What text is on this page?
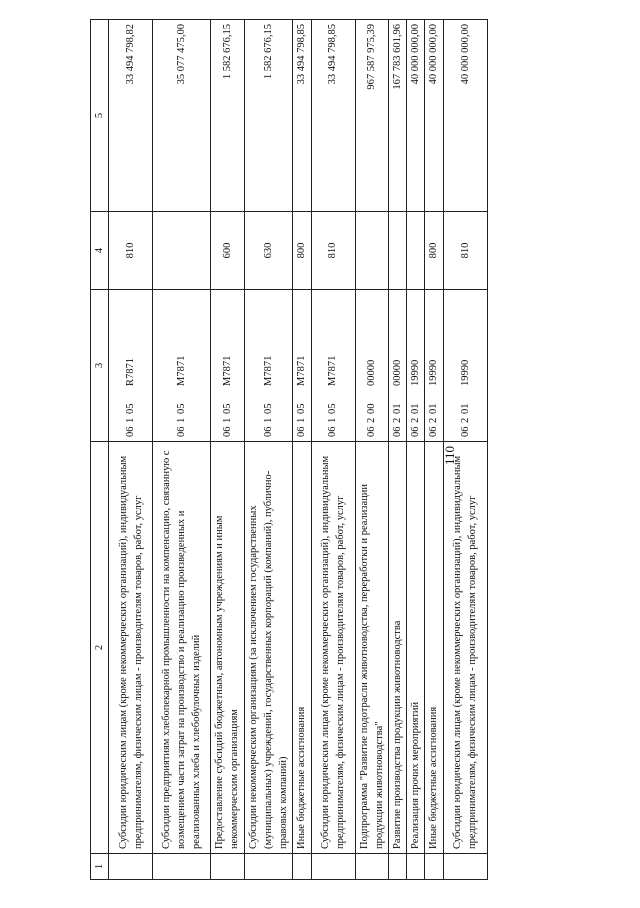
110
1	2	3	4	5
	Субсидии юридическим лицам (кроме некоммерческих организаций), индивидуальным предпринимателям, физическим лицам - производителям товаров, работ, услуг	06105R7871	810	33 494 798,82
	Субсидии предприятиям хлебопекарной промышленности на компенсацию, связанную с возмещением части затрат на производство и реализацию произведенных и реализованных хлеба и хлебобулочных изделий	06105M7871		35 077 475,00
	Предоставление субсидий бюджетным, автономным учреждениям и иным некоммерческим организациям	06105M7871	600	1 582 676,15
	Субсидии некоммерческим организациям (за исключением государственных (муниципальных) учреждений, государственных корпораций (компаний), публично-правовых компаний)	06105M7871	630	1 582 676,15
	Иные бюджетные ассигнования	06105M7871	800	33 494 798,85
	Субсидии юридическим лицам (кроме некоммерческих организаций), индивидуальным предпринимателям, физическим лицам - производителям товаров, работ, услуг	06105M7871	810	33 494 798,85
	Подпрограмма "Развитие подотрасли животноводства, переработки и реализации продукции животноводства"	0620000000		967 587 975,39
	Развитие производства продукции животноводства	0620100000		167 783 601,96
	Реализация прочих мероприятий	0620119990		40 000 000,00
	Иные бюджетные ассигнования	0620119990	800	40 000 000,00
	Субсидии юридическим лицам (кроме некоммерческих организаций), индивидуальным предпринимателям, физическим лицам - производителям товаров, работ, услуг	0620119990	810	40 000 000,00
